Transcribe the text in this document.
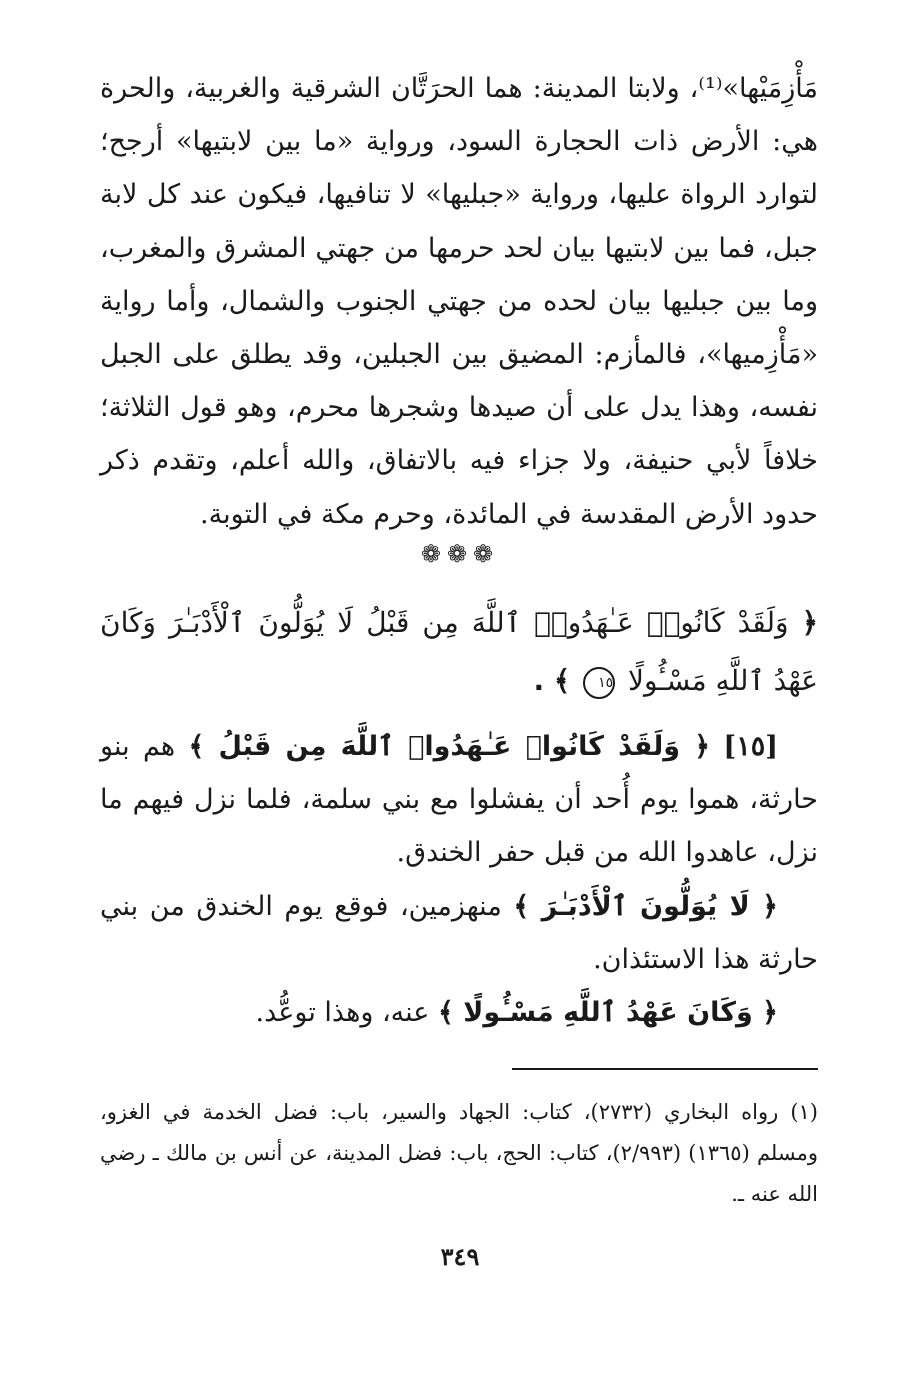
مَأْزِمَيْها»⁽¹⁾، ولابتا المدينة: هما الحرَتَّان الشرقية والغربية، والحرة هي: الأرض ذات الحجارة السود، ورواية «ما بين لابتيها» أرجح؛ لتوارد الرواة عليها، ورواية «جبليها» لا تنافيها، فيكون عند كل لابة جبل، فما بين لابتيها بيان لحد حرمها من جهتي المشرق والمغرب، وما بين جبليها بيان لحده من جهتي الجنوب والشمال، وأما رواية «مَأْزِميها»، فالمأزم: المضيق بين الجبلين، وقد يطلق على الجبل نفسه، وهذا يدل على أن صيدها وشجرها محرم، وهو قول الثلاثة؛ خلافاً لأبي حنيفة، ولا جزاء فيه بالاتفاق، والله أعلم، وتقدم ذكر حدود الأرض المقدسة في المائدة، وحرم مكة في التوبة.

❁❁❁
﴿ وَلَقَدْ كَانُوا۟ عَـٰهَدُوا۟ ٱللَّهَ مِن قَبْلُ لَا يُوَلُّونَ ٱلْأَدْبَـٰرَ وَكَانَ عَهْدُ ٱللَّهِ مَسْـُٔولًا ١٥ ﴾ .

[١٥] ﴿ وَلَقَدْ كَانُوا۟ عَـٰهَدُوا۟ ٱللَّهَ مِن قَبْلُ ﴾ هم بنو حارثة، هموا يوم أُحد أن يفشلوا مع بني سلمة، فلما نزل فيهم ما نزل، عاهدوا الله من قبل حفر الخندق.

﴿ لَا يُوَلُّونَ ٱلْأَدْبَـٰرَ ﴾ منهزمين، فوقع يوم الخندق من بني حارثة هذا الاستئذان.

﴿ وَكَانَ عَهْدُ ٱللَّهِ مَسْـُٔولًا ﴾ عنه، وهذا توعُّد.

(١) رواه البخاري (٢٧٣٢)، كتاب: الجهاد والسير، باب: فضل الخدمة في الغزو، ومسلم (١٣٦٥) (٢/٩٩٣)، كتاب: الحج، باب: فضل المدينة، عن أنس بن مالك ـ رضي الله عنه ـ.
٣٤٩
